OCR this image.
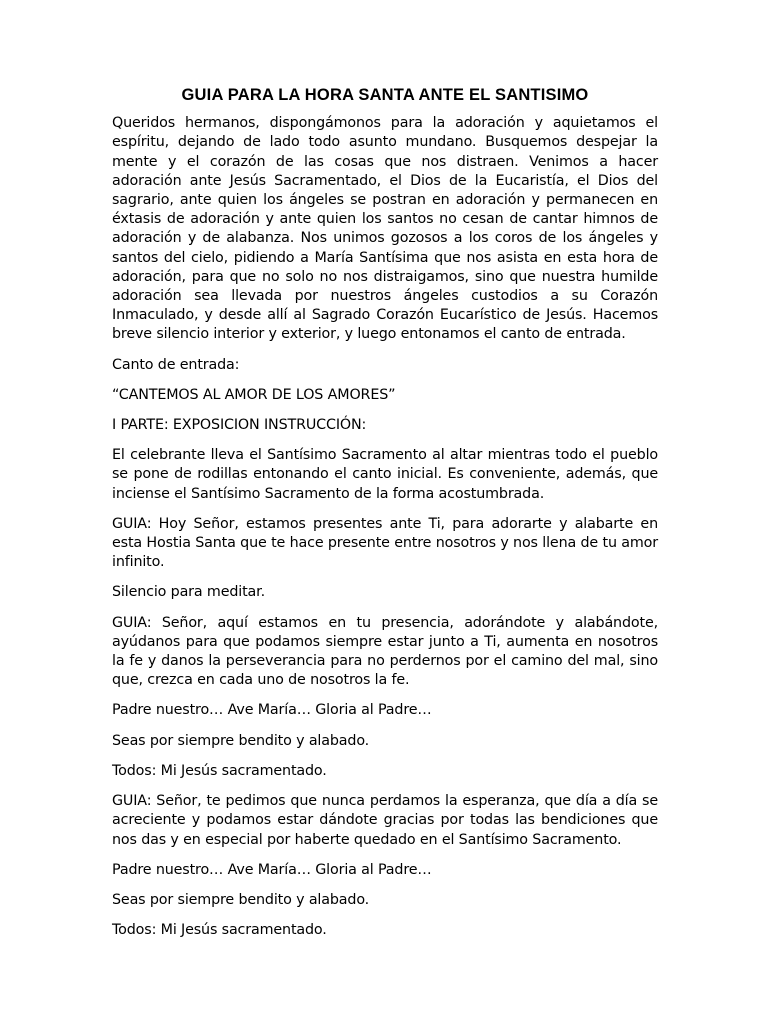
GUIA PARA LA HORA SANTA ANTE EL SANTISIMO

Queridos hermanos, dispongámonos para la adoración y aquietamos el espíritu, dejando de lado todo asunto mundano. Busquemos despejar la mente y el corazón de las cosas que nos distraen. Venimos a hacer adoración ante Jesús Sacramentado, el Dios de la Eucaristía, el Dios del sagrario, ante quien los ángeles se postran en adoración y permanecen en éxtasis de adoración y ante quien los santos no cesan de cantar himnos de adoración y de alabanza. Nos unimos gozosos a los coros de los ángeles y santos del cielo, pidiendo a María Santísima que nos asista en esta hora de adoración, para que no solo no nos distraigamos, sino que nuestra humilde adoración sea llevada por nuestros ángeles custodios a su Corazón Inmaculado, y desde allí al Sagrado Corazón Eucarístico de Jesús. Hacemos breve silencio interior y exterior, y luego entonamos el canto de entrada.

Canto de entrada:

“CANTEMOS AL AMOR DE LOS AMORES”

I PARTE: EXPOSICION INSTRUCCIÓN:

El celebrante lleva el Santísimo Sacramento al altar mientras todo el pueblo se pone de rodillas entonando el canto inicial. Es conveniente, además, que inciense el Santísimo Sacramento de la forma acostumbrada.

GUIA: Hoy Señor, estamos presentes ante Ti, para adorarte y alabarte en esta Hostia Santa que te hace presente entre nosotros y nos llena de tu amor infinito.

Silencio para meditar.

GUIA: Señor, aquí estamos en tu presencia, adorándote y alabándote, ayúdanos para que podamos siempre estar junto a Ti, aumenta en nosotros la fe y danos la perseverancia para no perdernos por el camino del mal, sino que, crezca en cada uno de nosotros la fe.

Padre nuestro… Ave María… Gloria al Padre…

Seas por siempre bendito y alabado.

Todos: Mi Jesús sacramentado.

GUIA: Señor, te pedimos que nunca perdamos la esperanza, que día a día se acreciente y podamos estar dándote gracias por todas las bendiciones que nos das y en especial por haberte quedado en el Santísimo Sacramento.

Padre nuestro… Ave María… Gloria al Padre…

Seas por siempre bendito y alabado.

Todos: Mi Jesús sacramentado.
